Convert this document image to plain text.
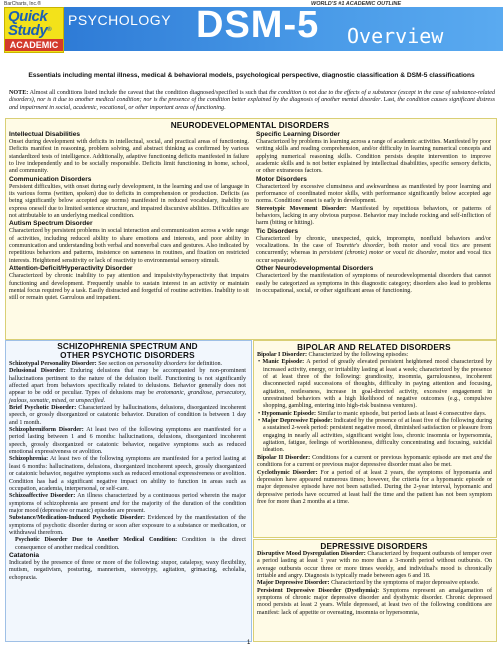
BarCharts, Inc.®	WORLD'S #1 ACADEMIC OUTLINE
Quick
Study®
ACADEMIC
PSYCHOLOGY DSM-5 Overview
Essentials including mental illness, medical & behavioral models, psychological perspective, diagnostic classification & DSM-5 classifications
NOTE: Almost all conditions listed include the caveat that the condition diagnosed/specified is such that the condition is not due to the effects of a substance (except in the case of substance-related disorders), nor is it due to another medical condition; nor is the presence of the condition better explained by the diagnosis of another mental disorder. Last, the condition causes significant distress and impairment in social, academic, vocational, or other important areas of functioning.
NEURODEVELOPMENTAL DISORDERS

Intellectual Disabilities

Onset during development with deficits in intellectual, social, and practical areas of functioning. Deficits manifest in reasoning, problem solving, and abstract thinking as confirmed by various standardized tests of intelligence. Additionally, adaptive functioning deficits manifested in failure to live independently and to be socially responsible. Deficits limit functioning in home, school, and community.

Communication Disorders

Persistent difficulties, with onset during early development, in the learning and use of language in its various forms (written, spoken) due to deficits in comprehension or production. Deficits (as being significantly below accepted age norms) manifested in reduced vocabulary, inability to express oneself due to limited sentence structure, and impaired discursive abilities. Difficulties are not attributable to an underlying medical condition.

Autism Spectrum Disorder

Characterized by persistent problems in social interaction and communication across a wide range of activities, including reduced ability to share emotions and interests, and poor ability in communication and understanding both verbal and nonverbal cues and gestures. Also indicated by repetitious behaviors and patterns, insistence on sameness in routines, and fixation on restricted interests. Heightened sensitivity or lack of reactivity to environmental sensory stimuli.

Attention-Deficit/Hyperactivity Disorder

Characterized by chronic inability to pay attention and impulsivity/hyperactivity that impairs functioning and development. Frequently unable to sustain interest in an activity or maintain mental focus required by a task. Easily distracted and forgetful of routine activities. Inability to sit still or remain quiet. Garrulous and impatient.

Specific Learning Disorder

Characterized by problems in learning across a range of academic activities. Manifested by poor writing skills and reading comprehension, and/or difficulty in learning numerical concepts and applying numerical reasoning skills. Condition persists despite intervention to improve academic skills and is not better explained by intellectual disabilities, specific sensory deficits, or other extraneous factors.

Motor Disorders

Characterized by excessive clumsiness and awkwardness as manifested by poor learning and performance of coordinated motor skills, with performance significantly below accepted age norms. Conditions' onset is early in development.

Stereotypic Movement Disorder: Manifested by repetitious behaviors, or patterns of behaviors, lacking in any obvious purpose. Behavior may include rocking and self-infliction of harm (biting or hitting).

Tic Disorders

Characterized by chronic, unexpected, quick, impromptu, nonfluid behaviors and/or vocalizations. In the case of Tourette's disorder, both motor and vocal tics are present concurrently; whereas in persistent (chronic) motor or vocal tic disorder, motor and vocal tics occur separately.

Other Neurodevelopmental Disorders

Characterized by the manifestation of symptoms of neurodevelopmental disorders that cannot easily be categorized as symptoms in this diagnostic category; disorders also lead to problems in occupational, social, or other significant areas of functioning.

SCHIZOPHRENIA SPECTRUM AND
OTHER PSYCHOTIC DISORDERS

Schizotypal Personality Disorder: See section on personality disorders for definition.

Delusional Disorder: Enduring delusions that may be accompanied by non-prominent hallucinations pertinent to the nature of the delusion itself. Functioning is not significantly affected apart from behaviors specifically related to delusions. Behavior generally does not appear to be odd or peculiar. Types of delusions may be erotomanic, grandiose, persecutory, jealous, somatic, mixed, or unspecified.

Brief Psychotic Disorder: Characterized by hallucinations, delusions, disorganized incoherent speech, or grossly disorganized or catatonic behavior. Duration of condition is between 1 day and 1 month.

Schizophreniform Disorder: At least two of the following symptoms are manifested for a period lasting between 1 and 6 months: hallucinations, delusions, disorganized incoherent speech, grossly disorganized or catatonic behavior, negative symptoms such as reduced emotional expressiveness or avolition.

Schizophrenia: At least two of the following symptoms are manifested for a period lasting at least 6 months: hallucinations, delusions, disorganized incoherent speech, grossly disorganized or catatonic behavior, negative symptoms such as reduced emotional expressiveness or avolition. Condition has had a significant negative impact on ability to function in areas such as occupation, academia, interpersonal, or self-care.

Schizoaffective Disorder: An illness characterized by a continuous period wherein the major symptoms of schizophrenia are present and for the majority of the duration of the condition major mood (depressive or manic) episodes are present.

Substance/Medication-Induced Psychotic Disorder: Evidenced by the manifestation of the symptoms of psychotic disorder during or soon after exposure to a substance or medication, or withdrawal therefrom.

Psychotic Disorder Due to Another Medical Condition: Condition is the direct consequence of another medical condition.

Catatonia

Indicated by the presence of three or more of the following: stupor, catalepsy, waxy flexibility, mutism, negativism, posturing, mannerism, stereotypy, agitation, grimacing, echolalia, echopraxia.

BIPOLAR AND RELATED DISORDERS

Bipolar I Disorder: Characterized by the following episodes:

• Manic Episode: A period of greatly elevated persistent heightened mood characterized by increased activity, energy, or irritability lasting at least a week; characterized by the presence of at least three of the following: grandiosity, insomnia, garrulousness, incoherent disconnected rapid successions of thoughts, difficulty in paying attention and focusing, agitation, restlessness, increase in goal-directed activity, excessive engagement in unrestrained behaviors with a high likelihood of negative outcomes (e.g., compulsive shopping, gambling, entering into high-risk business ventures).

• Hypomanic Episode: Similar to manic episode, but period lasts at least 4 consecutive days.

• Major Depressive Episode: Indicated by the presence of at least five of the following during a sustained 2-week period: persistent negative mood, diminished satisfaction or pleasure from engaging in nearly all activities, significant weight loss, chronic insomnia or hypersomnia, agitation, fatigue, feelings of worthlessness, difficulty concentrating and focusing, suicidal ideation.

Bipolar II Disorder: Conditions for a current or previous hypomanic episode are met and the conditions for a current or previous major depressive disorder must also be met.

Cyclothymic Disorder: For a period of at least 2 years, the symptoms of hypomania and depression have appeared numerous times; however, the criteria for a hypomanic episode or major depressive episode have not been satisfied. During the 2-year interval, hypomanic and depressive periods have occurred at least half the time and the patient has not been symptom free for more than 2 months at a time.

DEPRESSIVE DISORDERS

Disruptive Mood Dysregulation Disorder: Characterized by frequent outbursts of temper over a period lasting at least 1 year with no more than a 3-month period without outbursts. On average outbursts occur three or more times weekly, and individual's mood is chronically irritable and angry. Diagnosis is typically made between ages 6 and 18.

Major Depressive Disorder: Characterized by the symptoms of major depressive episode.

Persistent Depressive Disorder (Dysthymia): Symptoms represent an amalgamation of symptoms of chronic major depressive disorder and dysthymic disorder. Chronic depressed mood persists at least 2 years. While depressed, at least two of the following conditions are manifest: lack of appetite or overeating, insomnia or hypersomnia,

1
